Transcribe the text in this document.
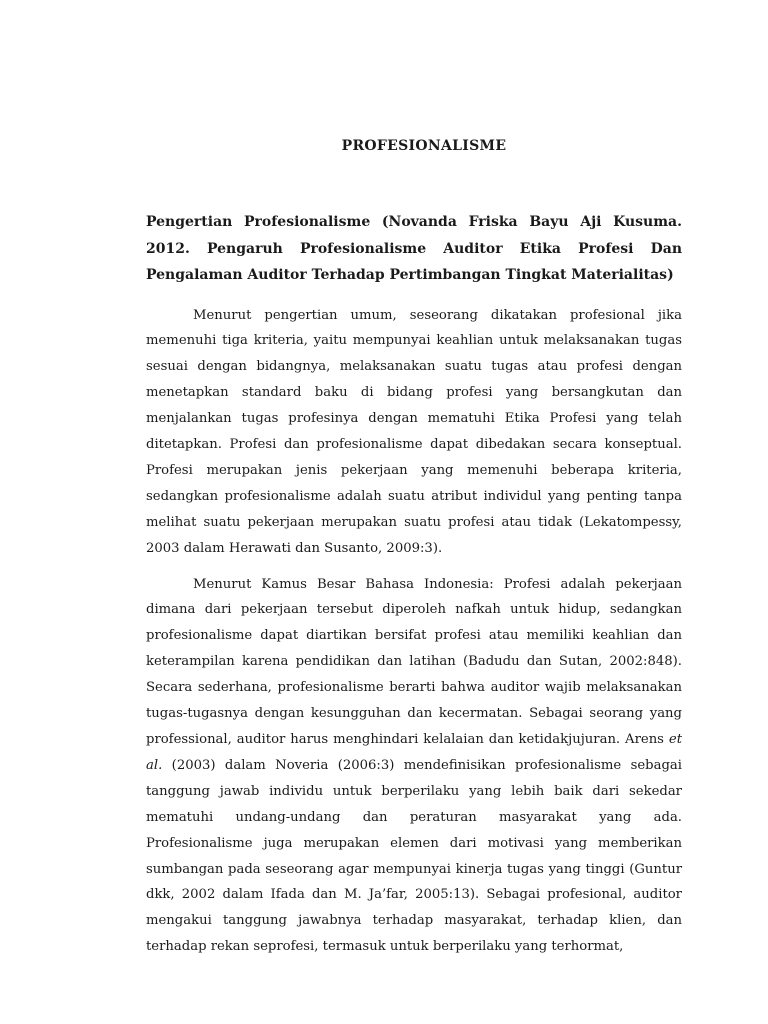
PROFESIONALISME

Pengertian Profesionalisme (Novanda Friska Bayu Aji Kusuma. 2012. Pengaruh Profesionalisme Auditor Etika Profesi Dan Pengalaman Auditor Terhadap Pertimbangan Tingkat Materialitas)

Menurut pengertian umum, seseorang dikatakan profesional jika memenuhi tiga kriteria, yaitu mempunyai keahlian untuk melaksanakan tugas sesuai dengan bidangnya, melaksanakan suatu tugas atau profesi dengan menetapkan standard baku di bidang profesi yang bersangkutan dan menjalankan tugas profesinya dengan mematuhi Etika Profesi yang telah ditetapkan. Profesi dan profesionalisme dapat dibedakan secara konseptual. Profesi merupakan jenis pekerjaan yang memenuhi beberapa kriteria, sedangkan profesionalisme adalah suatu atribut individul yang penting tanpa melihat suatu pekerjaan merupakan suatu profesi atau tidak (Lekatompessy, 2003 dalam Herawati dan Susanto, 2009:3).

Menurut Kamus Besar Bahasa Indonesia: Profesi adalah pekerjaan dimana dari pekerjaan tersebut diperoleh nafkah untuk hidup, sedangkan profesionalisme dapat diartikan bersifat profesi atau memiliki keahlian dan keterampilan karena pendidikan dan latihan (Badudu dan Sutan, 2002:848). Secara sederhana, profesionalisme berarti bahwa auditor wajib melaksanakan tugas-tugasnya dengan kesungguhan dan kecermatan. Sebagai seorang yang professional, auditor harus menghindari kelalaian dan ketidakjujuran. Arens et al. (2003) dalam Noveria (2006:3) mendefinisikan profesionalisme sebagai tanggung jawab individu untuk berperilaku yang lebih baik dari sekedar mematuhi undang-undang dan peraturan masyarakat yang ada. Profesionalisme juga merupakan elemen dari motivasi yang memberikan sumbangan pada seseorang agar mempunyai kinerja tugas yang tinggi (Guntur dkk, 2002 dalam Ifada dan M. Ja’far, 2005:13). Sebagai profesional, auditor mengakui tanggung jawabnya terhadap masyarakat, terhadap klien, dan terhadap rekan seprofesi, termasuk untuk berperilaku yang terhormat,
